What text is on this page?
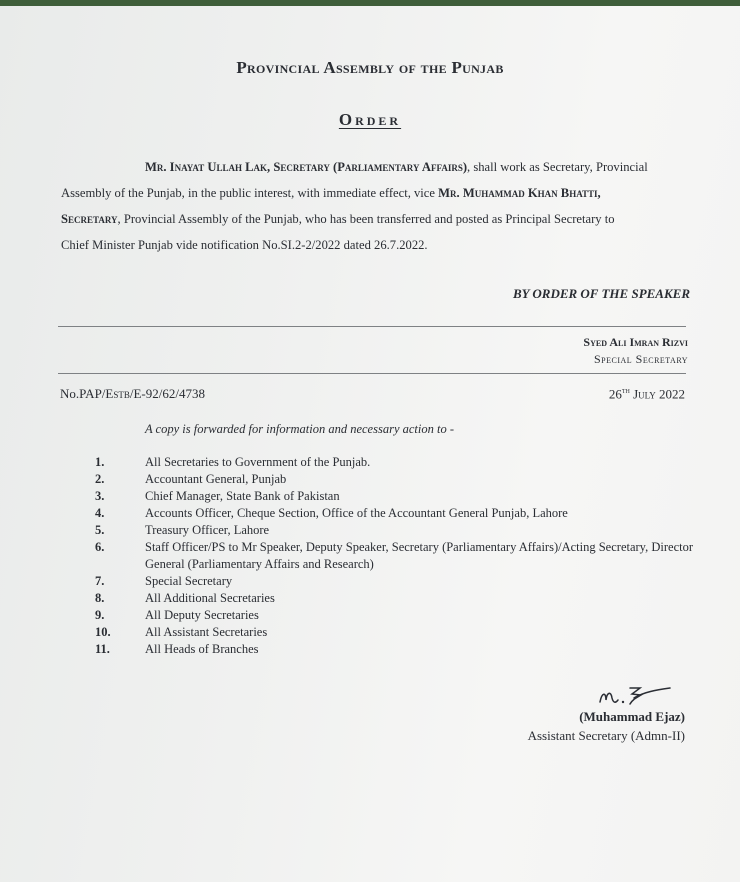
Provincial Assembly of the Punjab
Order
Mr. Inayat Ullah Lak, Secretary (Parliamentary Affairs), shall work as Secretary, Provincial
Assembly of the Punjab, in the public interest, with immediate effect, vice Mr. Muhammad Khan Bhatti,
Secretary, Provincial Assembly of the Punjab, who has been transferred and posted as Principal Secretary to
Chief Minister Punjab vide notification No.SI.2-2/2022 dated 26.7.2022.
BY ORDER OF THE SPEAKER
Syed Ali Imran Rizvi
Special Secretary
No.PAP/Estb/E-92/62/4738	26th July 2022
A copy is forwarded for information and necessary action to -
1.	All Secretaries to Government of the Punjab.
2.	Accountant General, Punjab
3.	Chief Manager, State Bank of Pakistan
4.	Accounts Officer, Cheque Section, Office of the Accountant General Punjab, Lahore
5.	Treasury Officer, Lahore
6.	Staff Officer/PS to Mr Speaker, Deputy Speaker, Secretary (Parliamentary Affairs)/Acting Secretary, Director General (Parliamentary Affairs and Research)
7.	Special Secretary
8.	All Additional Secretaries
9.	All Deputy Secretaries
10.	All Assistant Secretaries
11.	All Heads of Branches
(Muhammad Ejaz)
Assistant Secretary (Admn-II)
